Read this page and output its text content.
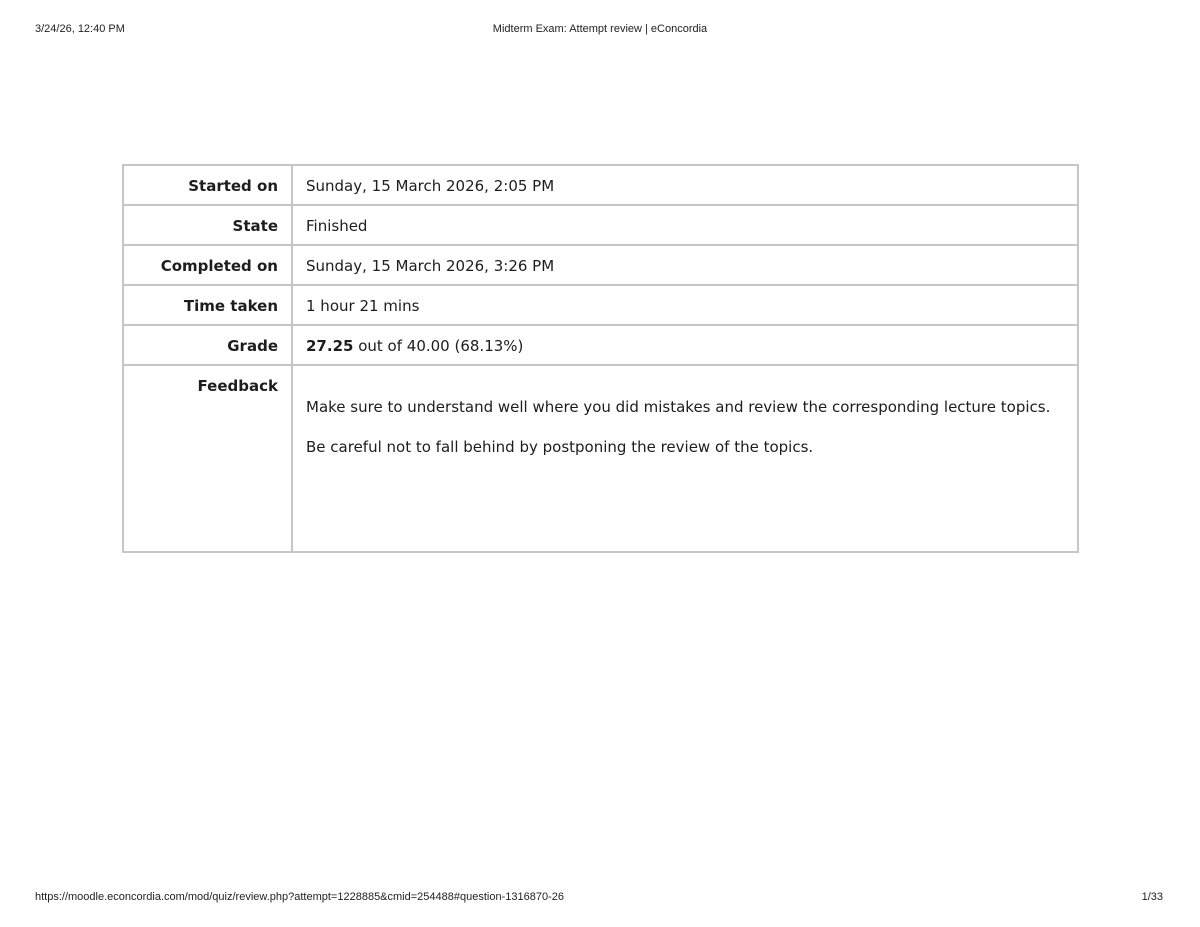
3/24/26, 12:40 PM	Midterm Exam: Attempt review | eConcordia
Started on	Sunday, 15 March 2026, 2:05 PM
State	Finished
Completed on	Sunday, 15 March 2026, 3:26 PM
Time taken	1 hour 21 mins
Grade	27.25 out of 40.00 (68.13%)
Feedback	Make sure to understand well where you did mistakes and review the corresponding lecture topics.

Be careful not to fall behind by postponing the review of the topics.

https://moodle.econcordia.com/mod/quiz/review.php?attempt=1228885&cmid=254488#question-1316870-26	1/33
